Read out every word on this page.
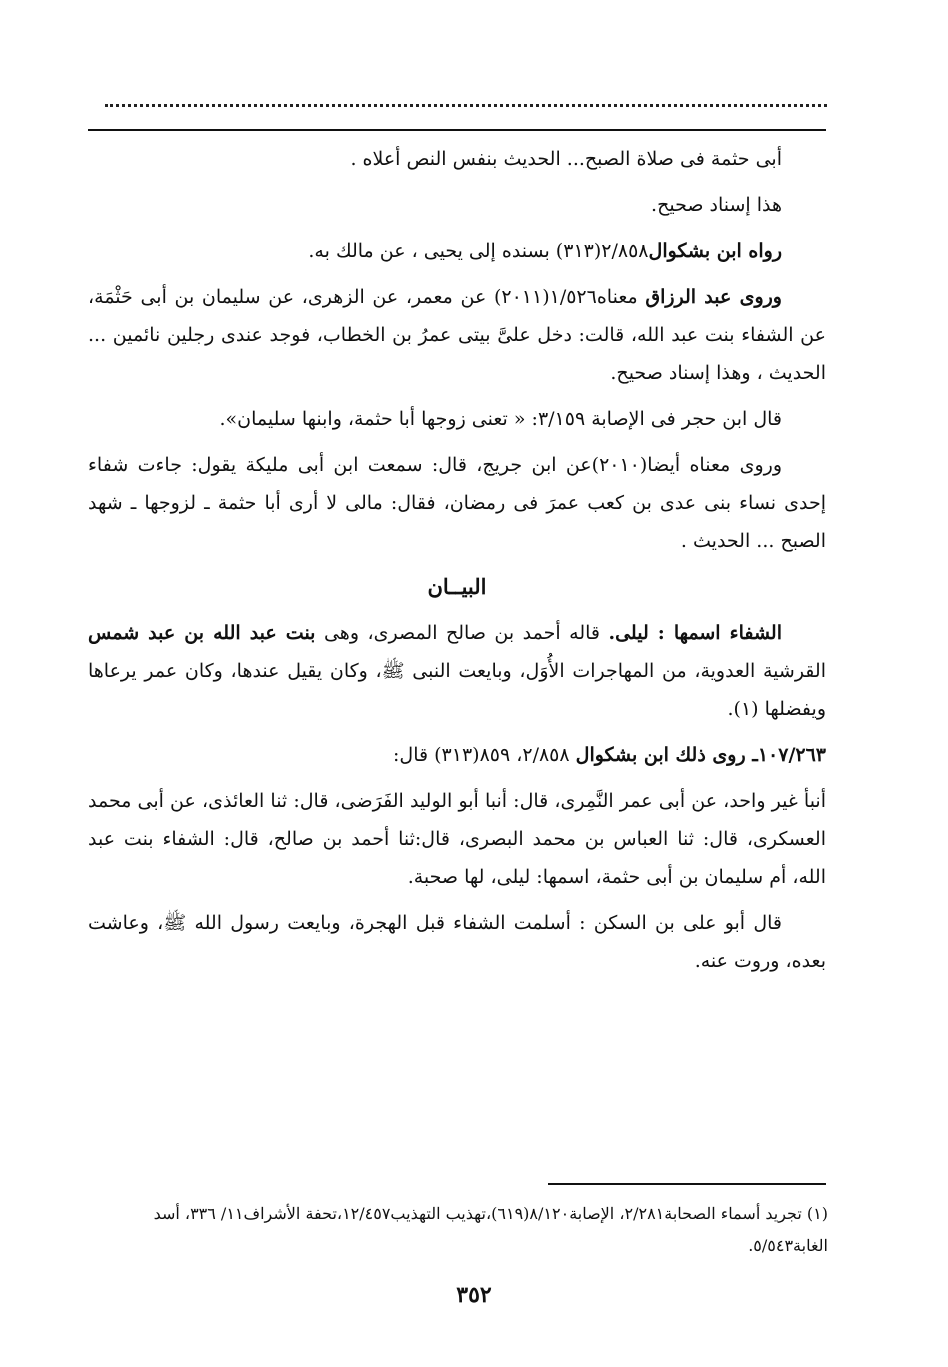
أبى حثمة فى صلاة الصبح... الحديث بنفس النص أعلاه .

هذا إسناد صحيح.

رواه ابن بشكوال٢/٨٥٨(٣١٣) بسنده إلى يحيى ، عن مالك به.

وروى عبد الرزاق معناه١/٥٢٦(٢٠١١) عن معمر، عن الزهرى، عن سليمان بن أبى حَثْمَة، عن الشفاء بنت عبد الله، قالت: دخل علىَّ بيتى عمرُ بن الخطاب، فوجد عندى رجلين نائمين ... الحديث ، وهذا إسناد صحيح.

قال ابن حجر فى الإصابة ٣/١٥٩: « تعنى زوجها أبا حثمة، وابنها سليمان».

وروى معناه أيضا(٢٠١٠)عن ابن جريج، قال: سمعت ابن أبى مليكة يقول: جاءت شفاء إحدى نساء بنى عدى بن كعب عمرَ فى رمضان، فقال: مالى لا أرى أبا حثمة ـ لزوجها ـ شهد الصبح ... الحديث .

البيــان

الشفاء اسمها : ليلى. قاله أحمد بن صالح المصرى، وهى بنت عبد الله بن عبد شمس القرشية العدوية، من المهاجرات الأُوَل، وبايعت النبى ﷺ، وكان يقيل عندها، وكان عمر يرعاها ويفضلها (١).

١٠٧/٢٦٣ـ روى ذلك ابن بشكوال ٢/٨٥٨، ٨٥٩(٣١٣) قال:

أنبأ غير واحد، عن أبى عمر النَّمِرى، قال: أنبا أبو الوليد الفَرَضى، قال: ثنا العائذى، عن أبى محمد العسكرى، قال: ثنا العباس بن محمد البصرى، قال:ثنا أحمد بن صالح، قال: الشفاء بنت عبد الله، أم سليمان بن أبى حثمة، اسمها: ليلى، لها صحبة.

قال أبو على بن السكن : أسلمت الشفاء قبل الهجرة، وبايعت رسول الله ﷺ، وعاشت بعده، وروت عنه.

(١) تجريد أسماء الصحابة٢/٢٨١، الإصابة٨/١٢٠(٦١٩)،تهذيب التهذيب١٢/٤٥٧،تحفة الأشراف١١/ ٣٣٦، أسد الغابة٥/٥٤٣.

٣٥٢
